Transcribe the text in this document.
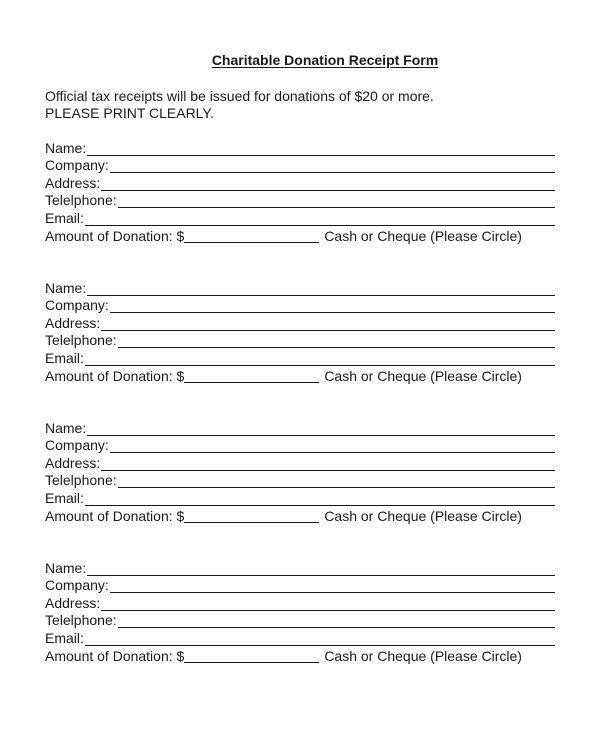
Charitable Donation Receipt Form
Official tax receipts will be issued for donations of $20 or more.
PLEASE PRINT CLEARLY.
Name:
Company:
Address:
Telelphone:
Email:
Amount of Donation: $	Cash or Cheque (Please Circle)
Name:
Company:
Address:
Telelphone:
Email:
Amount of Donation: $	Cash or Cheque (Please Circle)
Name:
Company:
Address:
Telelphone:
Email:
Amount of Donation: $	Cash or Cheque (Please Circle)
Name:
Company:
Address:
Telelphone:
Email:
Amount of Donation: $	Cash or Cheque (Please Circle)
